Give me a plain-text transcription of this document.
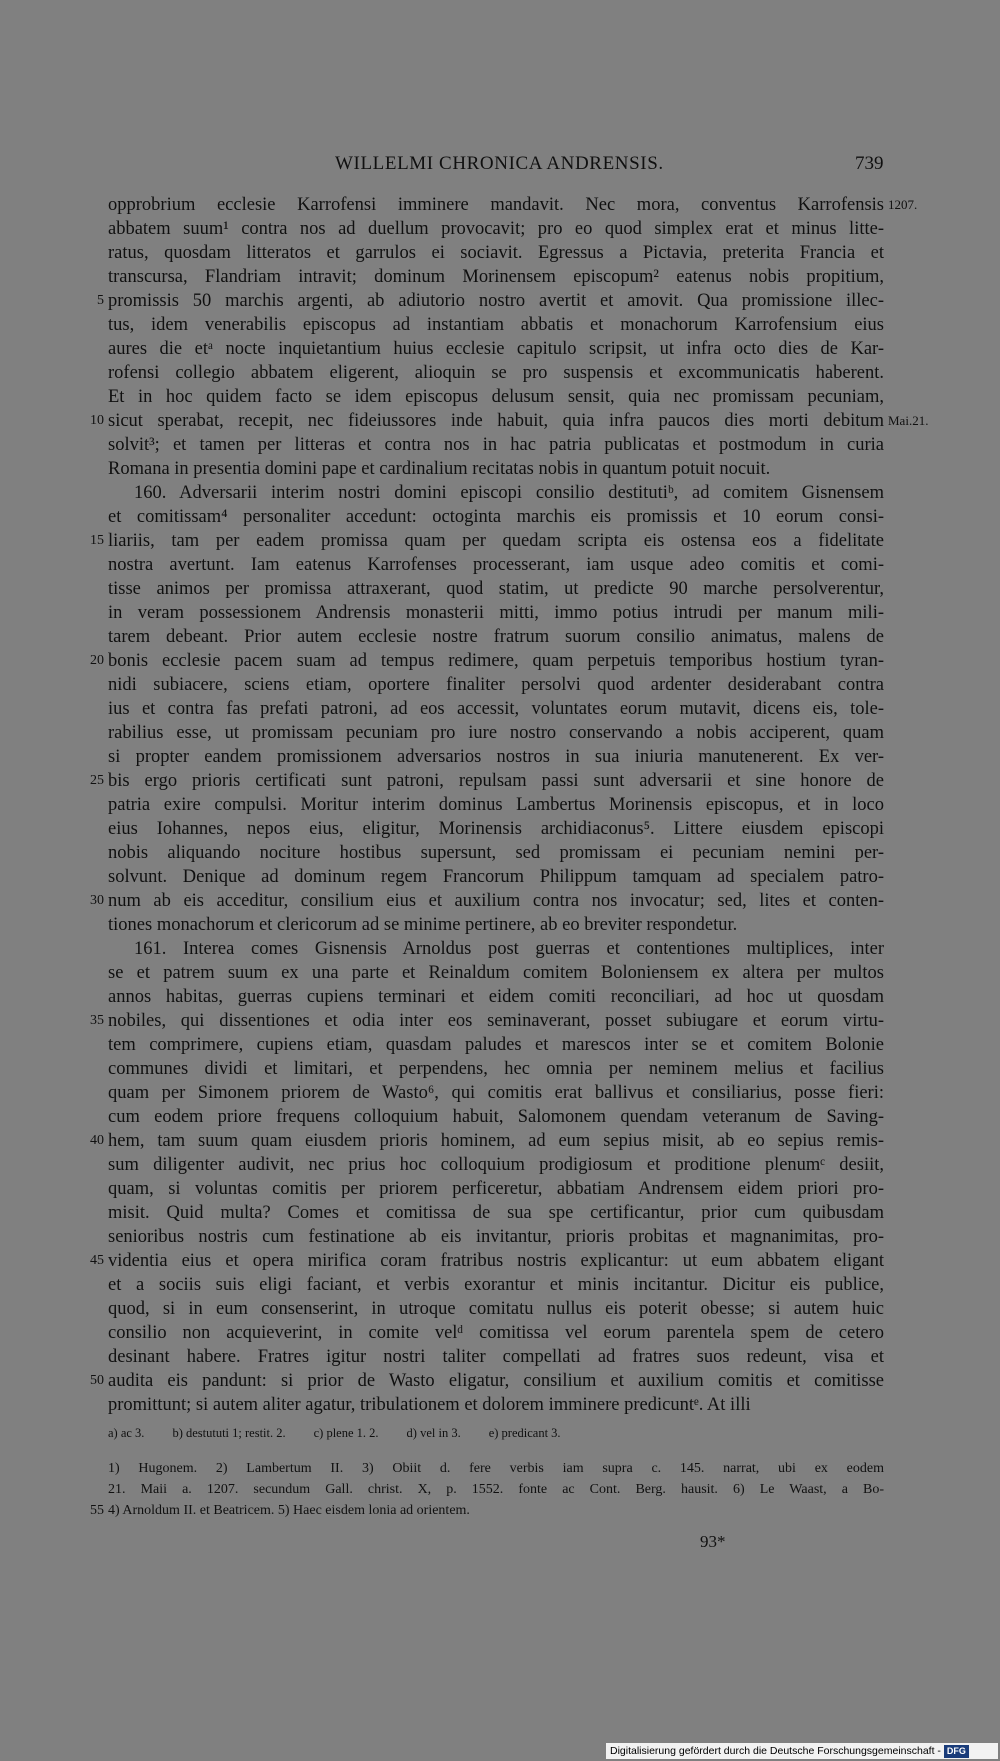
WILLELMI CHRONICA ANDRENSIS.	739
opprobrium ecclesie Karrofensi imminere mandavit. Nec mora, conventus Karrofensis 1207.
abbatem suum¹ contra nos ad duellum provocavit; pro eo quod simplex erat et minus litte-
ratus, quosdam litteratos et garrulos ei sociavit. Egressus a Pictavia, preterita Francia et
transcursa, Flandriam intravit; dominum Morinensem episcopum² eatenus nobis propitium,
5 promissis 50 marchis argenti, ab adiutorio nostro avertit et amovit. Qua promissione illec-
tus, idem venerabilis episcopus ad instantiam abbatis et monachorum Karrofensium eius
aures die etᵃ nocte inquietantium huius ecclesie capitulo scripsit, ut infra octo dies de Kar-
rofensi collegio abbatem eligerent, alioquin se pro suspensis et excommunicatis haberent.
Et in hoc quidem facto se idem episcopus delusum sensit, quia nec promissam pecuniam,
10 sicut sperabat, recepit, nec fideiussores inde habuit, quia infra paucos dies morti debitum Mai.21.
solvit³; et tamen per litteras et contra nos in hac patria publicatas et postmodum in curia
Romana in presentia domini pape et cardinalium recitatas nobis in quantum potuit nocuit.
160. Adversarii interim nostri domini episcopi consilio destitutiᵇ, ad comitem Gisnensem
et comitissam⁴ personaliter accedunt: octoginta marchis eis promissis et 10 eorum consi-
15 liariis, tam per eadem promissa quam per quedam scripta eis ostensa eos a fidelitate
nostra avertunt. Iam eatenus Karrofenses processerant, iam usque adeo comitis et comi-
tisse animos per promissa attraxerant, quod statim, ut predicte 90 marche persolverentur,
in veram possessionem Andrensis monasterii mitti, immo potius intrudi per manum mili-
tarem debeant. Prior autem ecclesie nostre fratrum suorum consilio animatus, malens de
20 bonis ecclesie pacem suam ad tempus redimere, quam perpetuis temporibus hostium tyran-
nidi subiacere, sciens etiam, oportere finaliter persolvi quod ardenter desiderabant contra
ius et contra fas prefati patroni, ad eos accessit, voluntates eorum mutavit, dicens eis, tole-
rabilius esse, ut promissam pecuniam pro iure nostro conservando a nobis acciperent, quam
si propter eandem promissionem adversarios nostros in sua iniuria manutenerent. Ex ver-
25 bis ergo prioris certificati sunt patroni, repulsam passi sunt adversarii et sine honore de
patria exire compulsi. Moritur interim dominus Lambertus Morinensis episcopus, et in loco
eius Iohannes, nepos eius, eligitur, Morinensis archidiaconus⁵. Littere eiusdem episcopi
nobis aliquando nociture hostibus supersunt, sed promissam ei pecuniam nemini per-
solvunt. Denique ad dominum regem Francorum Philippum tamquam ad specialem patro-
30 num ab eis acceditur, consilium eius et auxilium contra nos invocatur; sed, lites et conten-
tiones monachorum et clericorum ad se minime pertinere, ab eo breviter respondetur.
161. Interea comes Gisnensis Arnoldus post guerras et contentiones multiplices, inter
se et patrem suum ex una parte et Reinaldum comitem Boloniensem ex altera per multos
annos habitas, guerras cupiens terminari et eidem comiti reconciliari, ad hoc ut quosdam
35 nobiles, qui dissentiones et odia inter eos seminaverant, posset subiugare et eorum virtu-
tem comprimere, cupiens etiam, quasdam paludes et marescos inter se et comitem Bolonie
communes dividi et limitari, et perpendens, hec omnia per neminem melius et facilius
quam per Simonem priorem de Wasto⁶, qui comitis erat ballivus et consiliarius, posse fieri:
cum eodem priore frequens colloquium habuit, Salomonem quendam veteranum de Saving-
40 hem, tam suum quam eiusdem prioris hominem, ad eum sepius misit, ab eo sepius remis-
sum diligenter audivit, nec prius hoc colloquium prodigiosum et proditione plenumᶜ desiit,
quam, si voluntas comitis per priorem perficeretur, abbatiam Andrensem eidem priori pro-
misit. Quid multa? Comes et comitissa de sua spe certificantur, prior cum quibusdam
senioribus nostris cum festinatione ab eis invitantur, prioris probitas et magnanimitas, pro-
45 videntia eius et opera mirifica coram fratribus nostris explicantur: ut eum abbatem eligant
et a sociis suis eligi faciant, et verbis exorantur et minis incitantur. Dicitur eis publice,
quod, si in eum consenserint, in utroque comitatu nullus eis poterit obesse; si autem huic
consilio non acquieverint, in comite velᵈ comitissa vel eorum parentela spem de cetero
desinant habere. Fratres igitur nostri taliter compellati ad fratres suos redeunt, visa et
50 audita eis pandunt: si prior de Wasto eligatur, consilium et auxilium comitis et comitisse
promittunt; si autem aliter agatur, tribulationem et dolorem imminere predicuntᵉ. At illi
a) ac 3. b) destututi 1; restit. 2. c) plene 1. 2. d) vel in 3. e) predicant 3.
1) Hugonem. 2) Lambertum II. 3) Obiit d. fere verbis iam supra c. 145. narrat, ubi ex eodem
21. Maii a. 1207. secundum Gall. christ. X, p. 1552. fonte ac Cont. Berg. hausit. 6) Le Waast, a Bo-
55 4) Arnoldum II. et Beatricem. 5) Haec eisdem lonia ad orientem.
93*
Digitalisierung gefördert durch die Deutsche Forschungsgemeinschaft - DFG
